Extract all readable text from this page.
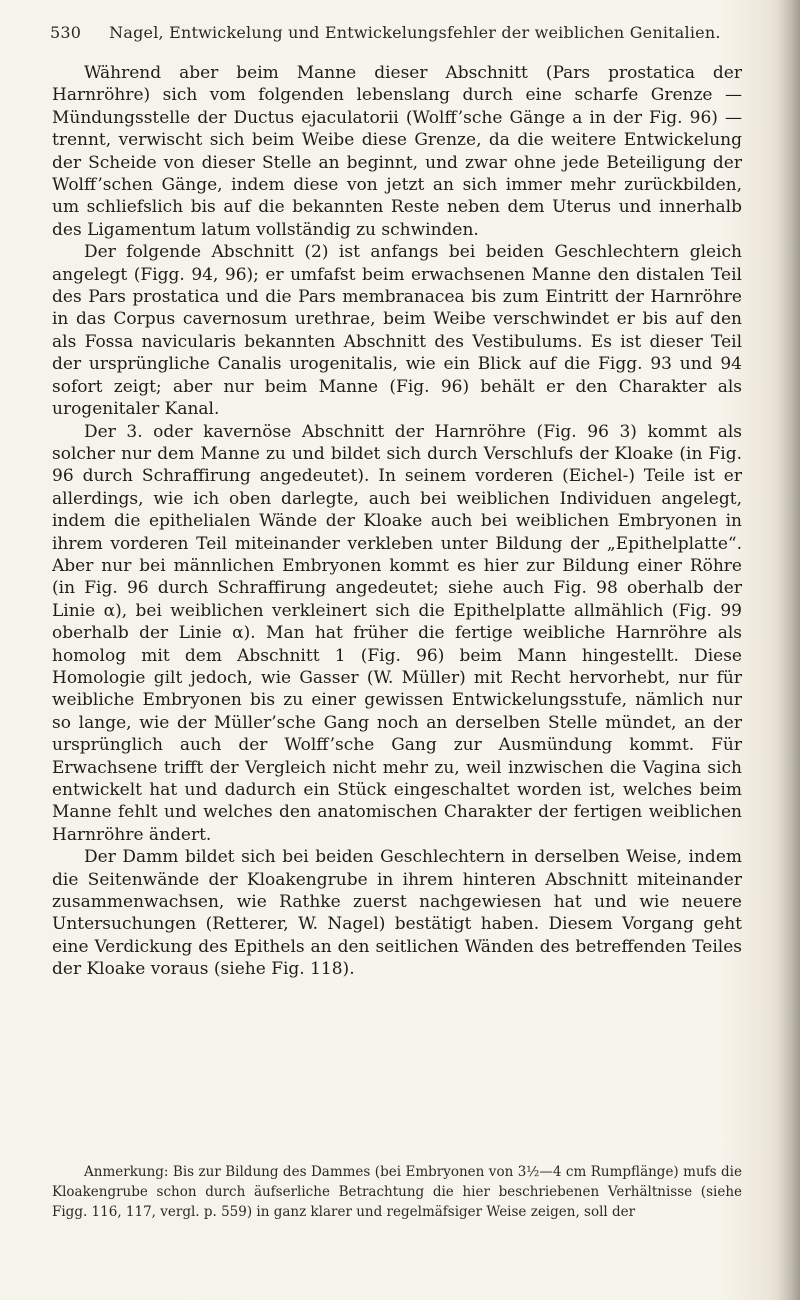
530 Nagel, Entwickelung und Entwickelungsfehler der weiblichen Genitalien.

Während aber beim Manne dieser Abschnitt (Pars prostatica der Harnröhre) sich vom folgenden lebenslang durch eine scharfe Grenze — Mündungsstelle der Ductus ejaculatorii (Wolff’sche Gänge a in der Fig. 96) — trennt, verwischt sich beim Weibe diese Grenze, da die weitere Entwickelung der Scheide von dieser Stelle an beginnt, und zwar ohne jede Beteiligung der Wolff’schen Gänge, indem diese von jetzt an sich immer mehr zurückbilden, um schliefslich bis auf die bekannten Reste neben dem Uterus und innerhalb des Ligamentum latum vollständig zu schwinden.

Der folgende Abschnitt (2) ist anfangs bei beiden Geschlechtern gleich angelegt (Figg. 94, 96); er umfafst beim erwachsenen Manne den distalen Teil des Pars prostatica und die Pars membranacea bis zum Eintritt der Harnröhre in das Corpus cavernosum urethrae, beim Weibe verschwindet er bis auf den als Fossa navicularis bekannten Abschnitt des Vestibulums. Es ist dieser Teil der ursprüngliche Canalis urogenitalis, wie ein Blick auf die Figg. 93 und 94 sofort zeigt; aber nur beim Manne (Fig. 96) behält er den Charakter als urogenitaler Kanal.

Der 3. oder kavernöse Abschnitt der Harnröhre (Fig. 96 3) kommt als solcher nur dem Manne zu und bildet sich durch Verschlufs der Kloake (in Fig. 96 durch Schraffirung angedeutet). In seinem vorderen (Eichel-) Teile ist er allerdings, wie ich oben darlegte, auch bei weiblichen Individuen angelegt, indem die epithelialen Wände der Kloake auch bei weiblichen Embryonen in ihrem vorderen Teil miteinander verkleben unter Bildung der „Epithelplatte“. Aber nur bei männlichen Embryonen kommt es hier zur Bildung einer Röhre (in Fig. 96 durch Schraffirung angedeutet; siehe auch Fig. 98 oberhalb der Linie α), bei weiblichen verkleinert sich die Epithelplatte allmählich (Fig. 99 oberhalb der Linie α). Man hat früher die fertige weibliche Harnröhre als homolog mit dem Abschnitt 1 (Fig. 96) beim Mann hingestellt. Diese Homologie gilt jedoch, wie Gasser (W. Müller) mit Recht hervorhebt, nur für weibliche Embryonen bis zu einer gewissen Entwickelungsstufe, nämlich nur so lange, wie der Müller’sche Gang noch an derselben Stelle mündet, an der ursprünglich auch der Wolff’sche Gang zur Ausmündung kommt. Für Erwachsene trifft der Vergleich nicht mehr zu, weil inzwischen die Vagina sich entwickelt hat und dadurch ein Stück eingeschaltet worden ist, welches beim Manne fehlt und welches den anatomischen Charakter der fertigen weiblichen Harnröhre ändert.

Der Damm bildet sich bei beiden Geschlechtern in derselben Weise, indem die Seitenwände der Kloakengrube in ihrem hinteren Abschnitt miteinander zusammenwachsen, wie Rathke zuerst nachgewiesen hat und wie neuere Untersuchungen (Retterer, W. Nagel) bestätigt haben. Diesem Vorgang geht eine Verdickung des Epithels an den seitlichen Wänden des betreffenden Teiles der Kloake voraus (siehe Fig. 118).

Anmerkung: Bis zur Bildung des Dammes (bei Embryonen von 3½—4 cm Rumpflänge) mufs die Kloakengrube schon durch äufserliche Betrachtung die hier beschriebenen Verhältnisse (siehe Figg. 116, 117, vergl. p. 559) in ganz klarer und regelmäfsiger Weise zeigen, soll der
